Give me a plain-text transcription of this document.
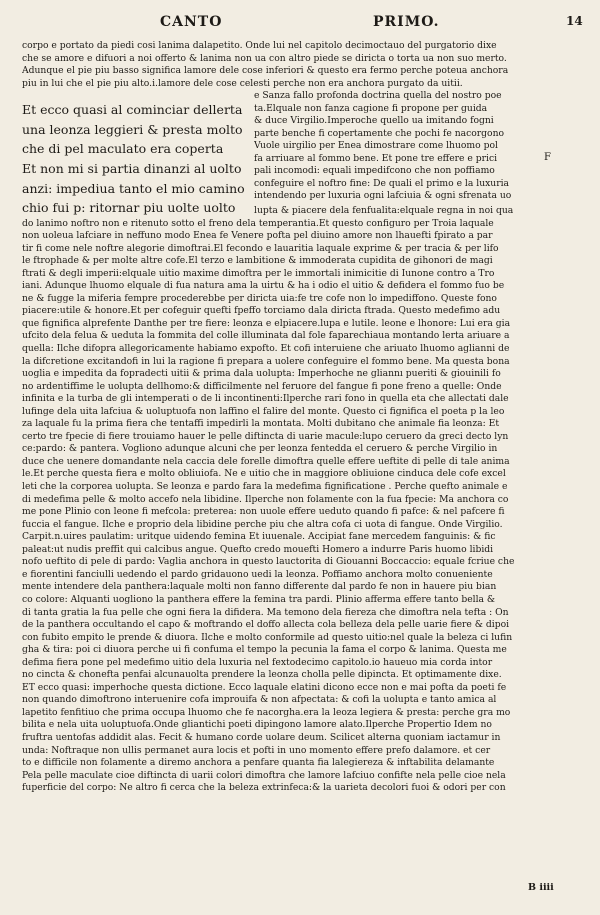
CANTO	PRIMO.	14
corpo e portato da piedi cosi lanima dalapetito. Onde lui nel capitolo decimoctauo del purgatorio dixe
che se amore e difuori a noi offerto & lanima non ua con altro piede se diricta o torta ua non suo merto.
Adunque el pie piu basso significa lamore dele cose inferiori & questo era fermo perche poteua anchora
piu in lui che el pie piu alto.i.lamore dele cose celesti perche non era anchora purgato da uitii.
Et ecco quasi al cominciar dellerta
una leonza leggieri & presta molto
che di pel maculato era coperta
Et non mi si partia dinanzi al uolto
anzi: impediua tanto el mio camino
chio fui p: ritornar piu uolte uolto
e Sanza fallo profonda doctrina quella del nostro poe
ta.Elquale non fanza cagione fi propone per guida
& duce Virgilio.Imperoche quello ua imitando fogni
parte benche fi copertamente che pochi fe nacorgono
Vuole uirgilio per Enea dimostrare come lhuomo pol
fa arriuare al fommo bene. Et pone tre effere e prici
pali incomodi: equali impedifcono che non poffiamo
confeguire el noftro fine: De quali el primo e la luxuria
intendendo per luxuria ogni lafciuia & ogni sfrenata uo
F
lupta & piacere dela fenfualita:elquale regna in noi qua
do lanimo noftro non e ritenuto sotto el freno dela temperantia.Et questo configuro per Troia laquale
non uoleua lafciare in neffuno modo Enea fe Venere pofta pel diuino amore non lhauefti fpirato a par
tir fi come nele noftre alegorie dimoftrai.El fecondo e lauaritia laquale exprime & per tracia & per lifo
le ftrophade & per molte altre cofe.El terzo e lambitione & immoderata cupidita de gihonori de magi
ftrati & degli imperii:elquale uitio maxime dimoftra per le immortali inimicitie di Iunone contro a Tro
iani. Adunque lhuomo elquale di fua natura ama la uirtu & ha i odio el uitio & defidera el fommo fuo be
ne & fugge la miferia fempre procederebbe per diricta uia:fe tre cofe non lo impediffono. Queste fono
piacere:utile & honore.Et per cofeguir quefti fpeffo torciamo dala diricta ftrada. Questo medefimo adu
que fignifica alprefente Danthe per tre fiere: leonza e elpiacere.lupa e lutile. leone e lhonore: Lui era gia
ufcito dela felua & ueduta la fommita del colle illuminata dal fole faparechiaua montando lerta ariuare a
quella: Ilche difopra allegoricamente habiamo expofto. Et cofi interuiene che ariuato lhuomo aglianni de
la difcretione excitandofi in lui la ragione fi prepara a uolere confeguire el fommo bene. Ma questa bona
uoglia e impedita da fopradecti uitii & prima dala uolupta: Imperhoche ne gliannı pueriti & giouinili fo
no ardentiffime le uolupta dellhomo:& difficilmente nel feruore del fangue fi pone freno a quelle: Onde
infinita e la turba de gli intemperati o de li incontinenti:Ilperche rari fono in quella eta che allectati dale
lufinge dela uita lafciua & uoluptuofa non laffino el falire del monte. Questo ci fignifica el poeta p la leo
za laquale fu la prima fiera che tentaffi impedirli la montata. Molti dubitano che animale fia leonza: Et
certo tre fpecie di fiere trouiamo hauer le pelle diftincta di uarie macule:lupo ceruero da greci decto lyn
ce:pardo: & pantera. Vogliono adunque alcuni che per leonza fentedda el ceruero & perche Virgilio in
duce che uenere domandante nela caccia dele forelle dimoftra quelle effere ueftite di pelle di tale anima
le.Et perche questa fiera e molto obliuiofa. Ne e uitio che in maggiore obliuione cinduca dele cofe excel
leti che la corporea uolupta. Se leonza e pardo fara la medefima fignificatione . Perche quefto animale e
di medefima pelle & molto accefo nela libidine. Ilperche non folamente con la fua fpecie: Ma anchora co
me pone Plinio con leone fi mefcola: preterea: non uuole effere ueduto quando fi pafce: & nel pafcere fi
fuccia el fangue. Ilche e proprio dela libidine perche piu che altra cofa ci uota di fangue. Onde Virgilio.
Carpit.n.uires paulatim: uritque uidendo femina Et iuuenale. Accipiat fane mercedem fanguinis: & fic
paleat:ut nudis preffit qui calcibus angue. Quefto credo mouefti Homero a indurre Paris huomo libidi
nofo ueftito di pele di pardo: Vaglia anchora in questo lauctorita di Giouanni Boccaccio: equale fcriue che
e fiorentini fanciulli uedendo el pardo gridauono uedi la leonza. Poffiamo anchora molto conueniente
mente intendere dela panthera:laquale molti non fanno differente dal pardo fe non in hauere piu bian
co colore: Alquanti uogliono la panthera effere la femina tra pardi. Plinio afferma effere tanto bella &
di tanta gratia la fua pelle che ogni fiera la difidera. Ma temono dela fiereza che dimoftra nela tefta : On
de la panthera occultando el capo & moftrando el doffo allecta cola belleza dela pelle uarie fiere & dipoi
con fubito empito le prende & diuora. Ilche e molto conformile ad questo uitio:nel quale la beleza ci lufin
gha & tira: poi ci diuora perche ui fi confuma el tempo la pecunia la fama el corpo & lanima. Questa me
defima fiera pone pel medefimo uitio dela luxuria nel fextodecimo capitolo.io haueuo mia corda intor
no cincta & chonefta penfai alcunauolta prendere la leonza cholla pelle dipincta. Et optimamente dixe.
ET ecco quasi: imperhoche questa dictione. Ecco laquale elatini dicono ecce non e mai pofta da poeti fe
non quando dimoftrono interuenire cofa improuifa & non afpectata: & cofi la uolupta e tanto amica al
lapetito fenfitiuo che prima occupa lhuomo che fe nacorgha.era la leoza legiera & presta: perche gra mo
bilita e nela uita uoluptuofa.Onde gliantichi poeti dipingono lamore alato.Ilperche Propertio Idem no
fruftra uentofas addidit alas. Fecit & humano corde uolare deum. Scilicet alterna quoniam iactamur in
unda: Noftraque non ullis permanet aura locis et pofti in uno momento effere prefo dalamore. et cer
to e difficile non folamente a diremo anchora a penfare quanta fia lalegiereza & inftabilita delamante
Pela pelle maculate cioe diftincta di uarii colori dimoftra che lamore lafciuo confifte nela pelle cioe nela
fuperficie del corpo: Ne altro fi cerca che la beleza extrinfeca:& la uarieta decolori fuoi & odori per con
B iiii
